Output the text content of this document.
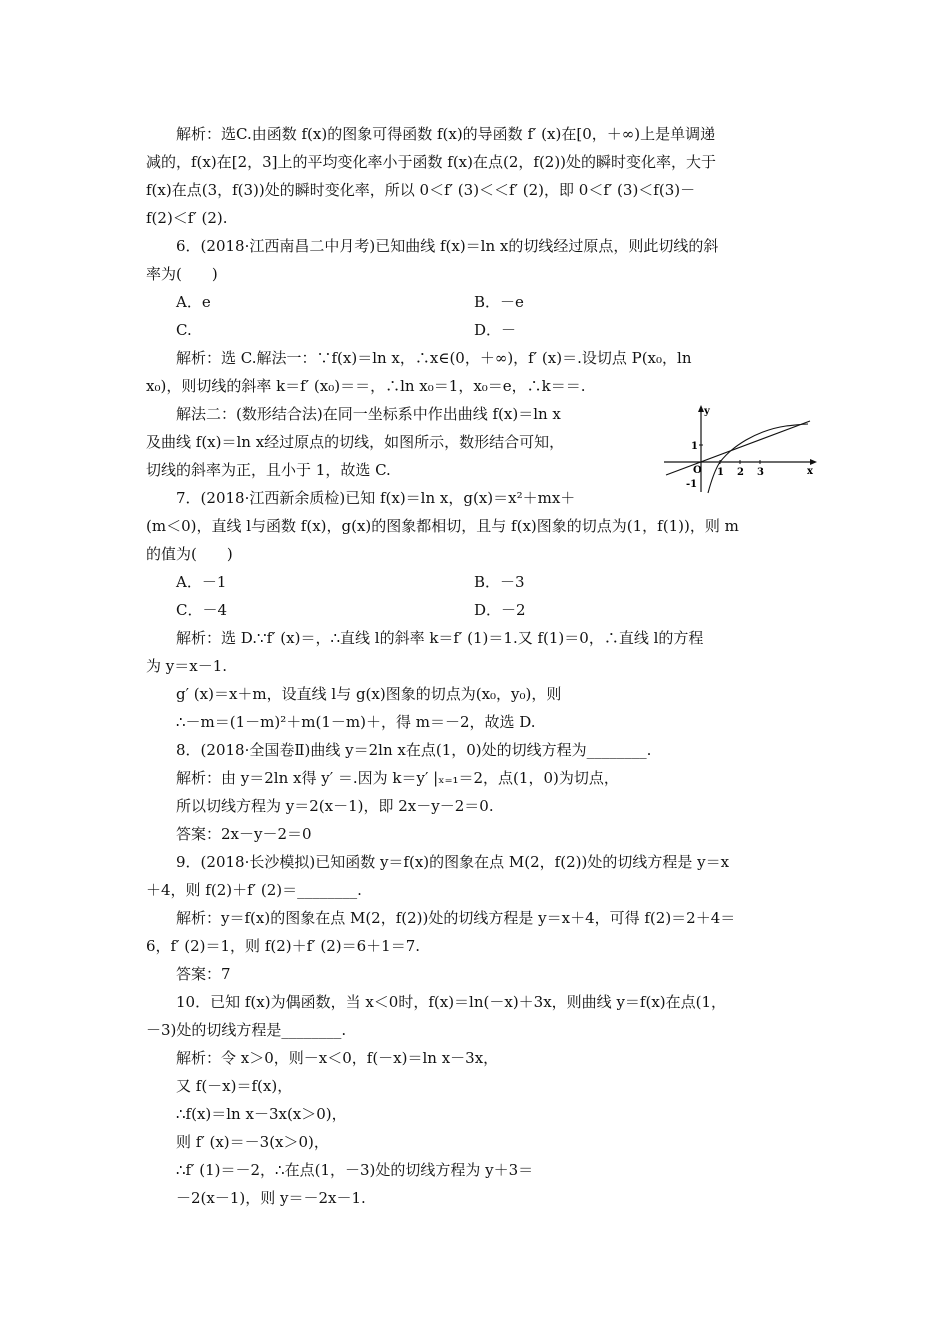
解析：选C.由函数 f(x)的图象可得函数 f(x)的导函数 f′ (x)在[0，＋∞)上是单调递
减的，f(x)在[2，3]上的平均变化率小于函数 f(x)在点(2，f(2))处的瞬时变化率，大于
f(x)在点(3，f(3))处的瞬时变化率，所以 0＜f′ (3)＜＜f′ (2)，即 0＜f′ (3)＜f(3)－
f(2)＜f′ (2).
6．(2018·江西南昌二中月考)已知曲线 f(x)＝ln x的切线经过原点，则此切线的斜
率为(　　)
A．e	B．－e
C.	D．－
解析：选 C.解法一：∵f(x)＝ln x，∴x∈(0，＋∞)，f′ (x)＝.设切点 P(x₀，ln
x₀)，则切线的斜率 k＝f′ (x₀)＝＝，∴ln x₀＝1，x₀＝e，∴k＝＝.
解法二：(数形结合法)在同一坐标系中作出曲线 f(x)＝ln x
及曲线 f(x)＝ln x经过原点的切线，如图所示，数形结合可知，
切线的斜率为正，且小于 1，故选 C.
7．(2018·江西新余质检)已知 f(x)＝ln x，g(x)＝x²＋mx＋
(m＜0)，直线 l与函数 f(x)，g(x)的图象都相切，且与 f(x)图象的切点为(1，f(1))，则 m
的值为(　　)
A．－1	B．－3
C．－4	D．－2
解析：选 D.∵f′ (x)＝，∴直线 l的斜率 k＝f′ (1)＝1.又 f(1)＝0，∴直线 l的方程
为 y＝x－1.
g′ (x)＝x＋m，设直线 l与 g(x)图象的切点为(x₀，y₀)，则
∴－m＝(1－m)²＋m(1－m)＋，得 m＝－2，故选 D.
8．(2018·全国卷Ⅱ)曲线 y＝2ln x在点(1，0)处的切线方程为________.
解析：由 y＝2ln x得 y′ ＝.因为 k＝y′ |ₓ₌₁＝2，点(1，0)为切点，
所以切线方程为 y＝2(x－1)，即 2x－y－2＝0.
答案：2x－y－2＝0
9．(2018·长沙模拟)已知函数 y＝f(x)的图象在点 M(2，f(2))处的切线方程是 y＝x
＋4，则 f(2)＋f′ (2)＝________.
解析：y＝f(x)的图象在点 M(2，f(2))处的切线方程是 y＝x＋4，可得 f(2)＝2＋4＝
6，f′ (2)＝1，则 f(2)＋f′ (2)＝6＋1＝7.
答案：7
10．已知 f(x)为偶函数，当 x＜0时，f(x)＝ln(－x)＋3x，则曲线 y＝f(x)在点(1，
－3)处的切线方程是________.
解析：令 x＞0，则－x＜0，f(－x)＝ln x－3x，
又 f(－x)＝f(x)，
∴f(x)＝ln x－3x(x＞0)，
则 f′ (x)＝－3(x＞0)，
∴f′ (1)＝－2，∴在点(1，－3)处的切线方程为 y＋3＝
－2(x－1)，则 y＝－2x－1.
y
x
O 1 2 3
1
-1
